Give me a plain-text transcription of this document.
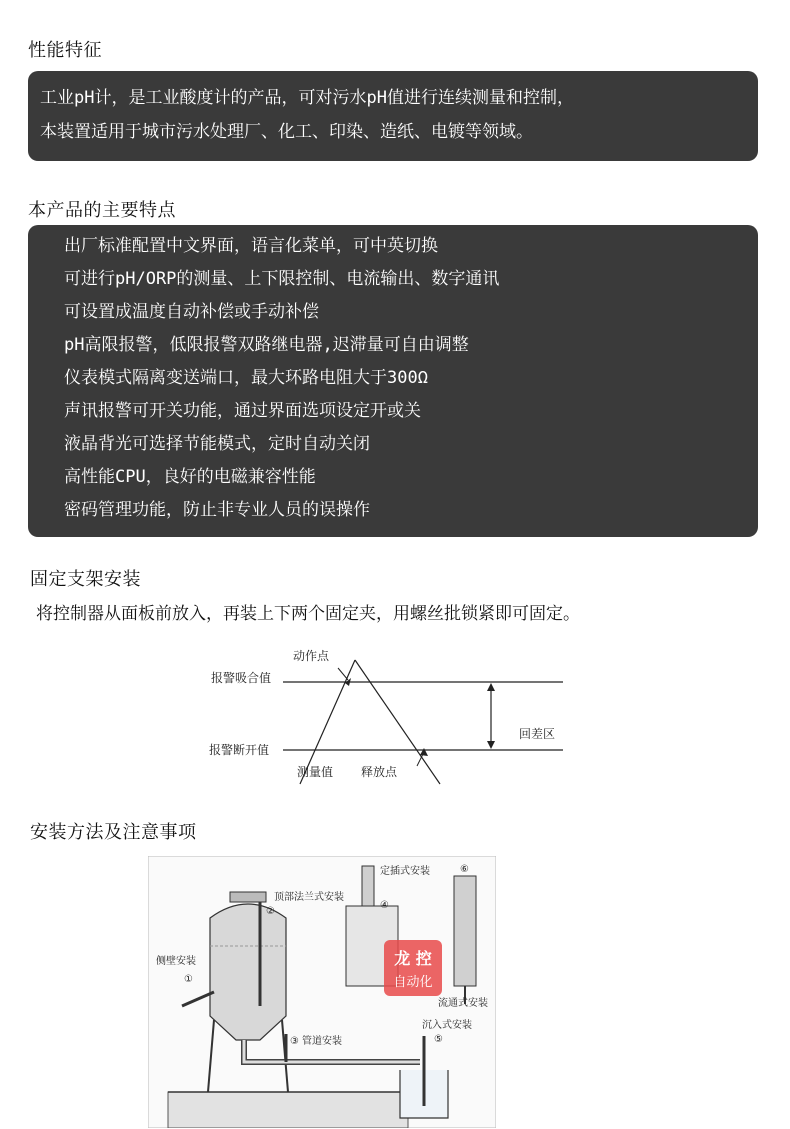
性能特征
工业pH计，是工业酸度计的产品，可对污水pH值进行连续测量和控制，
本装置适用于城市污水处理厂、化工、印染、造纸、电镀等领域。
本产品的主要特点
出厂标准配置中文界面，语言化菜单，可中英切换
可进行pH/ORP的测量、上下限控制、电流输出、数字通讯
可设置成温度自动补偿或手动补偿
pH高限报警，低限报警双路继电器,迟滞量可自由调整
仪表模式隔离变送端口，最大环路电阻大于300Ω
声讯报警可开关功能，通过界面选项设定开或关
液晶背光可选择节能模式，定时自动关闭
高性能CPU，良好的电磁兼容性能
密码管理功能，防止非专业人员的误操作
固定支架安装
将控制器从面板前放入，再装上下两个固定夹，用螺丝批锁紧即可固定。
动作点
报警吸合值
报警断开值
回差区
测量值 释放点
安装方法及注意事项
侧壁安装
①
顶部法兰式安装
②
定插式安装
④
⑥
流通式安装
③ 管道安装
沉入式安装
⑤
龙 控
自动化
